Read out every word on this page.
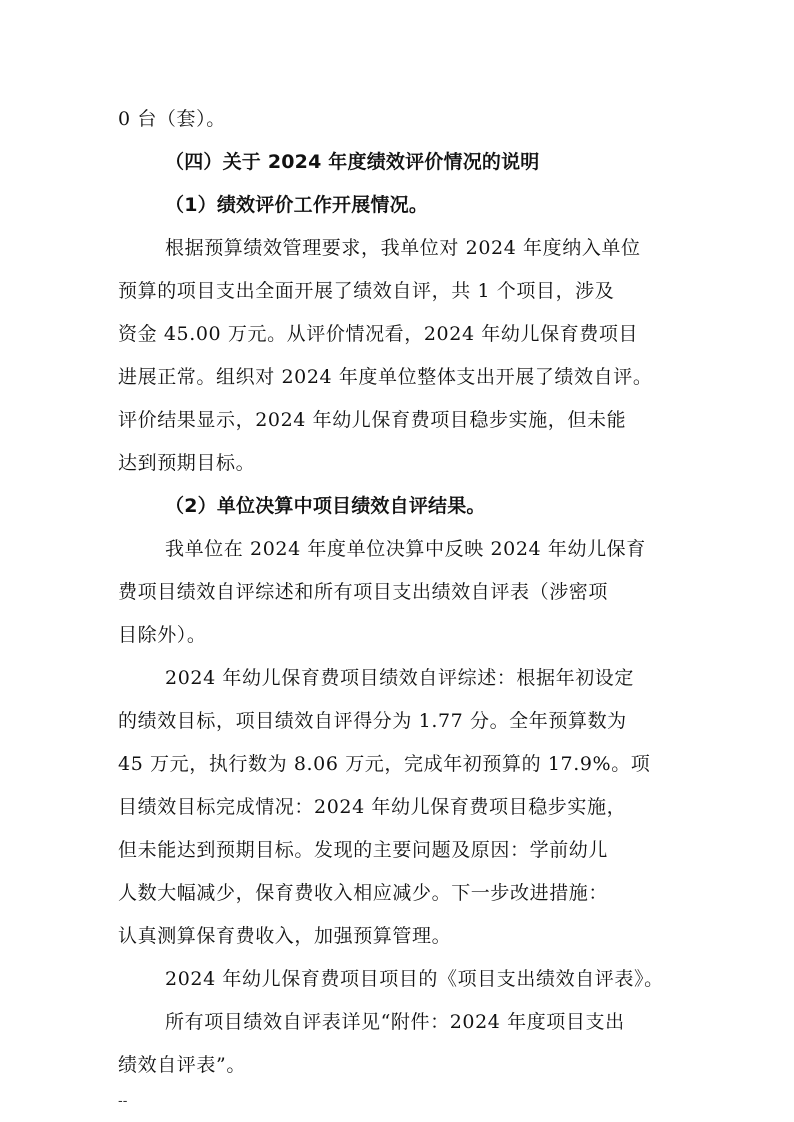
0 台（套）。
（四）关于 2024 年度绩效评价情况的说明
（1）绩效评价工作开展情况。
根据预算绩效管理要求，我单位对 2024 年度纳入单位
预算的项目支出全面开展了绩效自评，共 1 个项目，涉及
资金 45.00 万元。从评价情况看，2024 年幼儿保育费项目
进展正常。组织对 2024 年度单位整体支出开展了绩效自评。
评价结果显示，2024 年幼儿保育费项目稳步实施，但未能
达到预期目标。
（2）单位决算中项目绩效自评结果。
我单位在 2024 年度单位决算中反映 2024 年幼儿保育
费项目绩效自评综述和所有项目支出绩效自评表（涉密项
目除外）。
2024 年幼儿保育费项目绩效自评综述：根据年初设定
的绩效目标，项目绩效自评得分为 1.77 分。全年预算数为
45 万元，执行数为 8.06 万元，完成年初预算的 17.9%。项
目绩效目标完成情况：2024 年幼儿保育费项目稳步实施，
但未能达到预期目标。发现的主要问题及原因：学前幼儿
人数大幅减少，保育费收入相应减少。下一步改进措施：
认真测算保育费收入，加强预算管理。
2024 年幼儿保育费项目项目的《项目支出绩效自评表》。
所有项目绩效自评表详见“附件：2024 年度项目支出
绩效自评表”。
--
